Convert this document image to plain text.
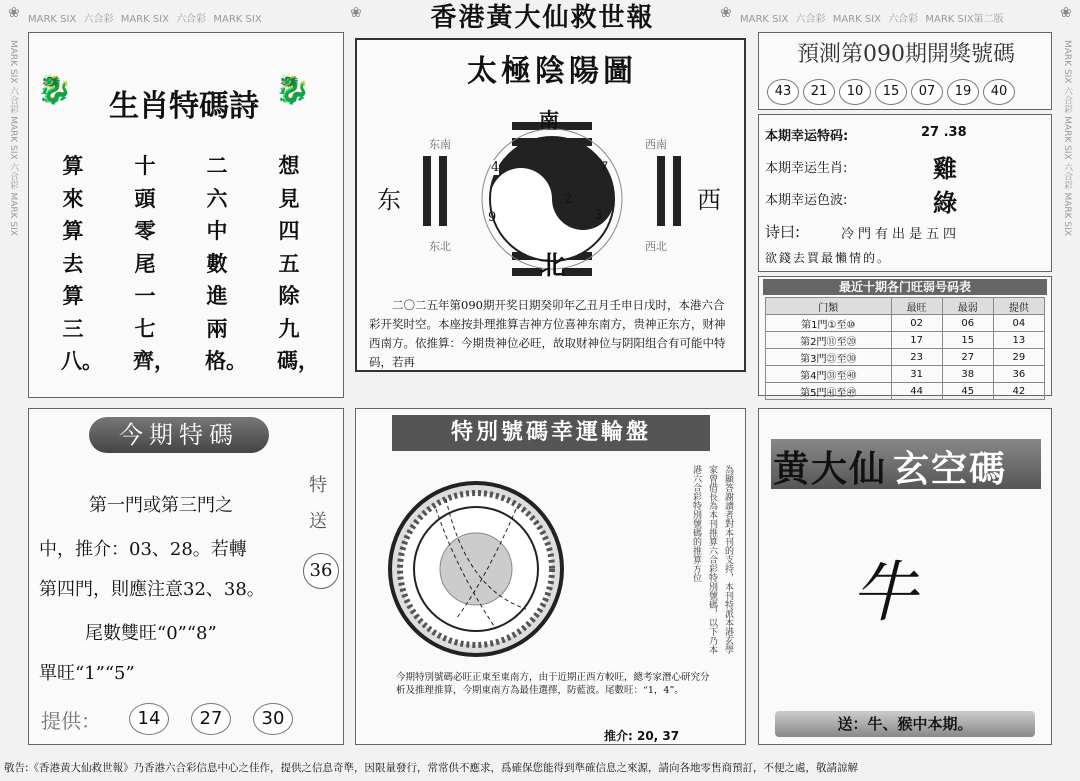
MARK SIX 六合彩 MARK SIX 六合彩 MARK SIX	MARK SIX 六合彩 MARK SIX 六合彩 MARK SIX第二版
❀	❀
❀	❀
MARK SIX 六合彩 MARK SIX 六合彩 MARK SIX
MARK SIX 六合彩 MARK SIX 六合彩 MARK SIX
香港黃大仙救世報
🐉	🐉
生肖特碼詩
想見四五除九碼，
二六中數進兩格。
十頭零尾一七齊，
算來算去算三八。
太極陰陽圖
南
北
东	西
东南	西南
东北	西北
4	7
2
9	3
二〇二五年第090期开奖日期癸卯年乙丑月壬申日戊时，本港六合彩开奖时空。本座按卦理推算吉神方位喜神东南方，贵神正东方，财神西南方。依推算：今期贵神位必旺，故取财神位与阴阳组合有可能中特码，若再
預測第090期開獎號碼
43 21 10 15 07 19 40
本期幸运特码:	27 .38
本期幸运生肖:	雞
本期幸运色波:	綠
诗曰:	冷門有出是五四
欲錢去買最懶情的。
最近十期各门旺弱号码表
门類	最旺	最弱	提供
第1門①至⑩	02	06	04
第2門⑪至⑳	17	15	13
第3門㉑至㉚	23	27	29
第4門㉛至㊵	31	38	36
第5門㊶至㊾	44	45	42
今期特碼
第一門或第三門之
中，推介：03、28。若轉
第四門，則應注意32、38。
尾數雙旺“0”“8”
單旺“1”“5”
特
送
36
提供：	14 27 30
特別號碼幸運輪盤
為顯答謝讀者對本刊的支持，本刊特派本港玄學家曾借長為本刊推算六合彩特別號碼，以下乃本港六合彩特別號碼的推算方位
今期特別號碼必旺正東至東南方，由于近期正西方較旺，總考家潛心研究分析及推理推算，今期東南方為最佳選擇，防藍波。尾數旺：“1，4”。
推介: 20, 37
黄大仙 玄空碼
牛
送：牛、猴中本期。
敬告:《香港黄大仙救世報》乃香港六合彩信息中心之佳作，提供之信息奇準，因限量發行，常常供不應求，爲確保您能得到準確信息之來源，請向各地零售商預訂，不便之處，敬請諒解
